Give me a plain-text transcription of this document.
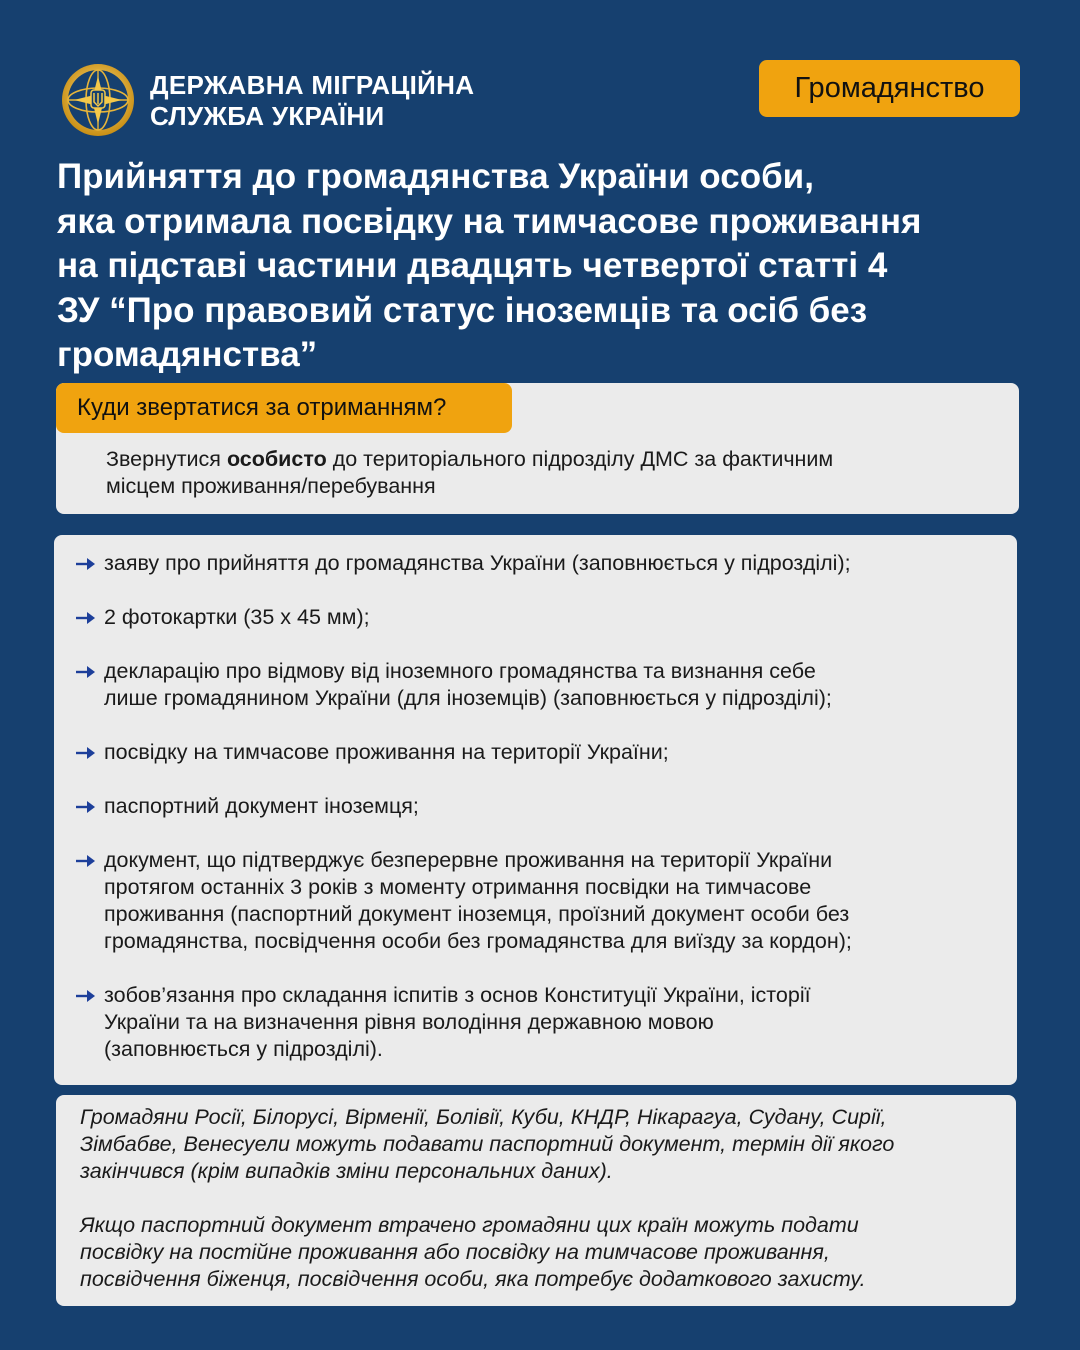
ДЕРЖАВНА МІГРАЦІЙНА
СЛУЖБА УКРАЇНИ
Громадянство
Прийняття до громадянства України особи,
яка отримала посвідку на тимчасове проживання
на підставі частини двадцять четвертої статті 4
ЗУ “Про правовий статус іноземців та осіб без
громадянства”
Куди звертатися за отриманням?
Звернутися особисто до територіального підрозділу ДМС за фактичним
місцем проживання/перебування
заяву про прийняття до громадянства України (заповнюється у підрозділі);
2 фотокартки (35 х 45 мм);
декларацію про відмову від іноземного громадянства та визнання себе
лише громадянином України (для іноземців) (заповнюється у підрозділі);
посвідку на тимчасове проживання на території України;
паспортний документ іноземця;
документ, що підтверджує безперервне проживання на території України
протягом останніх 3 років з моменту отримання посвідки на тимчасове
проживання (паспортний документ іноземця, проїзний документ особи без
громадянства, посвідчення особи без громадянства для виїзду за кордон);
зобов’язання про складання іспитів з основ Конституції України, історії
України та на визначення рівня володіння державною мовою
(заповнюється у підрозділі).
Громадяни Росії, Білорусі, Вірменії, Болівії, Куби, КНДР, Нікарагуа, Судану, Сирії,
Зімбабве, Венесуели можуть подавати паспортний документ, термін дії якого
закінчився (крім випадків зміни персональних даних).
Якщо паспортний документ втрачено громадяни цих країн можуть подати
посвідку на постійне проживання або посвідку на тимчасове проживання,
посвідчення біженця, посвідчення особи, яка потребує додаткового захисту.
